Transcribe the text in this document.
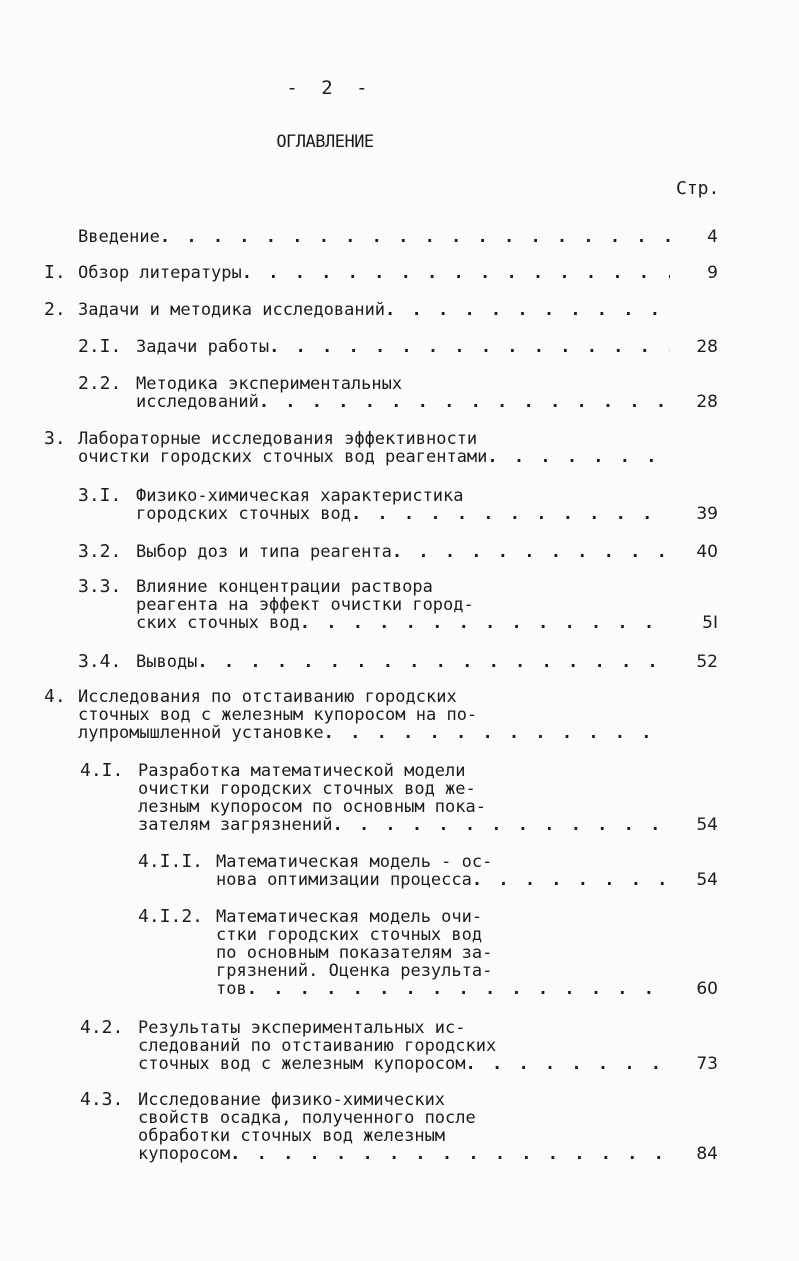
- 2 -
ОГЛАВЛЕНИЕ
Стр.
Введение . . .	4
I. Обзор литературы . . .	9
2. Задачи и методика исследований
. . .
2.I. Задачи работы . . .	28
2.2. Методика экспериментальных
исследований . . .	28
3. Лабораторные исследования эффективности
очистки городских сточных вод реагентами
. . .
3.I. Физико-химическая характеристика
городских сточных вод . . .	39
3.2. Выбор доз и типа реагента . . .	40
3.3. Влияние концентрации раствора
реагента на эффект очистки город-
ских сточных вод . . .	5I
3.4. Выводы . . .	52
4. Исследования по отстаиванию городских
сточных вод с железным купоросом на по-
лупромышленной установке
. . .
4.I. Разработка математической модели
очистки городских сточных вод же-
лезным купоросом по основным пока-
зателям загрязнений . . .	54
4.I.I. Математическая модель - ос-
нова оптимизации процесса . . .	54
4.I.2. Математическая модель очи-
стки городских сточных вод
по основным показателям за-
грязнений. Оценка результа-
тов . . .	60
4.2. Результаты экспериментальных ис-
следований по отстаиванию городских
сточных вод с железным купоросом . . .	73
4.3. Исследование физико-химических
свойств осадка, полученного после
обработки сточных вод железным
купоросом . . .	84
